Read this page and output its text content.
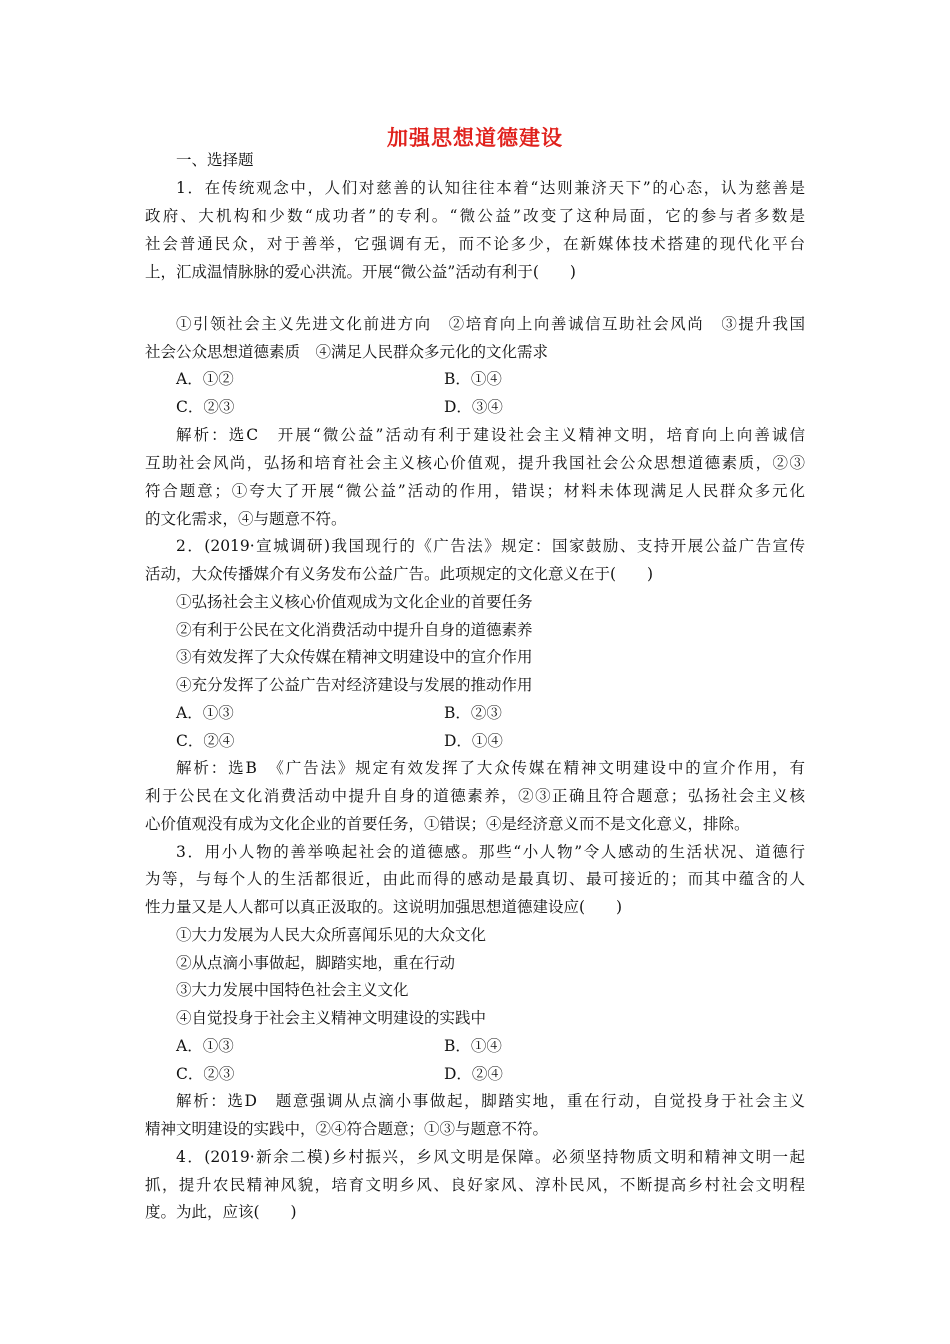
加强思想道德建设
一、选择题
1．在传统观念中，人们对慈善的认知往往本着“达则兼济天下”的心态，认为慈善是
政府、大机构和少数“成功者”的专利。“微公益”改变了这种局面，它的参与者多数是
社会普通民众，对于善举，它强调有无，而不论多少，在新媒体技术搭建的现代化平台
上，汇成温情脉脉的爱心洪流。开展“微公益”活动有利于(　　)
①引领社会主义先进文化前进方向　②培育向上向善诚信互助社会风尚　③提升我国
社会公众思想道德素质　④满足人民群众多元化的文化需求
A．①②	B．①④
C．②③	D．③④
解析：选C　开展“微公益”活动有利于建设社会主义精神文明，培育向上向善诚信
互助社会风尚，弘扬和培育社会主义核心价值观，提升我国社会公众思想道德素质，②③
符合题意；①夸大了开展“微公益”活动的作用，错误；材料未体现满足人民群众多元化
的文化需求，④与题意不符。
2．(2019·宣城调研)我国现行的《广告法》规定：国家鼓励、支持开展公益广告宣传
活动，大众传播媒介有义务发布公益广告。此项规定的文化意义在于(　　)
①弘扬社会主义核心价值观成为文化企业的首要任务
②有利于公民在文化消费活动中提升自身的道德素养
③有效发挥了大众传媒在精神文明建设中的宣介作用
④充分发挥了公益广告对经济建设与发展的推动作用
A．①③	B．②③
C．②④	D．①④
解析：选B　《广告法》规定有效发挥了大众传媒在精神文明建设中的宣介作用，有
利于公民在文化消费活动中提升自身的道德素养，②③正确且符合题意；弘扬社会主义核
心价值观没有成为文化企业的首要任务，①错误；④是经济意义而不是文化意义，排除。
3．用小人物的善举唤起社会的道德感。那些“小人物”令人感动的生活状况、道德行
为等，与每个人的生活都很近，由此而得的感动是最真切、最可接近的；而其中蕴含的人
性力量又是人人都可以真正汲取的。这说明加强思想道德建设应(　　)
①大力发展为人民大众所喜闻乐见的大众文化
②从点滴小事做起，脚踏实地，重在行动
③大力发展中国特色社会主义文化
④自觉投身于社会主义精神文明建设的实践中
A．①③	B．①④
C．②③	D．②④
解析：选D　题意强调从点滴小事做起，脚踏实地，重在行动，自觉投身于社会主义
精神文明建设的实践中，②④符合题意；①③与题意不符。
4．(2019·新余二模)乡村振兴，乡风文明是保障。必须坚持物质文明和精神文明一起
抓，提升农民精神风貌，培育文明乡风、良好家风、淳朴民风，不断提高乡村社会文明程
度。为此，应该(　　)
